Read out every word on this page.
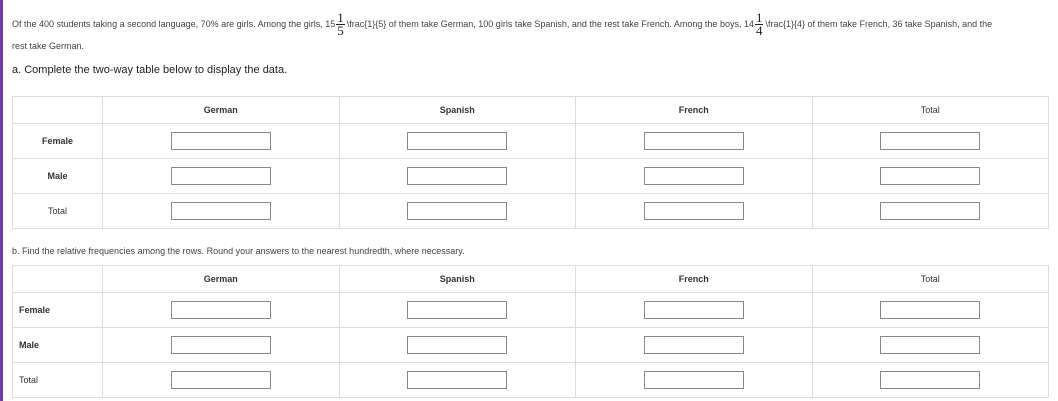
Of the 400 students taking a second language, 70% are girls. Among the girls, $15 \frac{1}{5}$ \frac{1}{5} of them take German, 100 girls take Spanish, and the rest take French. Among the boys, $14 \frac{1}{4}$ \frac{1}{4} of them take French, 36 take Spanish, and the
rest take German.
a. Complete the two-way table below to display the data.
	German	Spanish	French	Total
Female				
Male				
Total				
b. Find the relative frequencies among the rows. Round your answers to the nearest hundredth, where necessary.
	German	Spanish	French	Total
Female				
Male				
Total				
